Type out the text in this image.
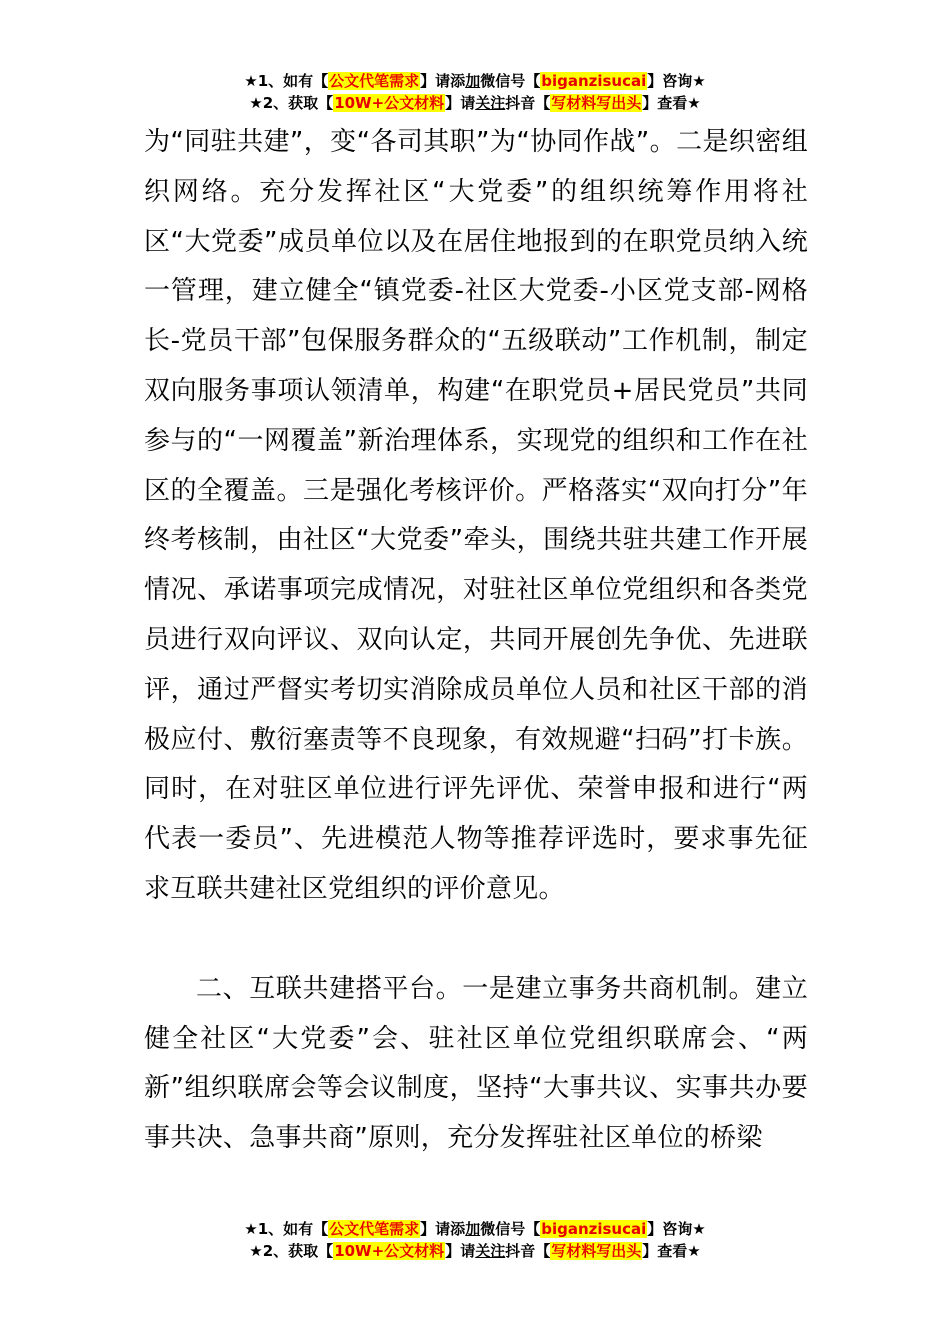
★1、如有【公文代笔需求】请添加微信号【biganzisucai】咨询★
★2、获取【10W+公文材料】请关注抖音【写材料写出头】查看★

为“同驻共建”，变“各司其职”为“协同作战”。二是织密组织网络。充分发挥社区“大党委”的组织统筹作用将社区“大党委”成员单位以及在居住地报到的在职党员纳入统一管理，建立健全“镇党委-社区大党委-小区党支部-网格长-党员干部”包保服务群众的“五级联动”工作机制，制定双向服务事项认领清单，构建“在职党员+居民党员”共同参与的“一网覆盖”新治理体系，实现党的组织和工作在社区的全覆盖。三是强化考核评价。严格落实“双向打分”年终考核制，由社区“大党委”牵头，围绕共驻共建工作开展情况、承诺事项完成情况，对驻社区单位党组织和各类党员进行双向评议、双向认定，共同开展创先争优、先进联评，通过严督实考切实消除成员单位人员和社区干部的消极应付、敷衍塞责等不良现象，有效规避“扫码”打卡族。同时，在对驻区单位进行评先评优、荣誉申报和进行“两代表一委员”、先进模范人物等推荐评选时，要求事先征求互联共建社区党组织的评价意见。

二、互联共建搭平台。一是建立事务共商机制。建立健全社区“大党委”会、驻社区单位党组织联席会、“两新”组织联席会等会议制度，坚持“大事共议、实事共办要事共决、急事共商”原则，充分发挥驻社区单位的桥梁

★1、如有【公文代笔需求】请添加微信号【biganzisucai】咨询★
★2、获取【10W+公文材料】请关注抖音【写材料写出头】查看★
